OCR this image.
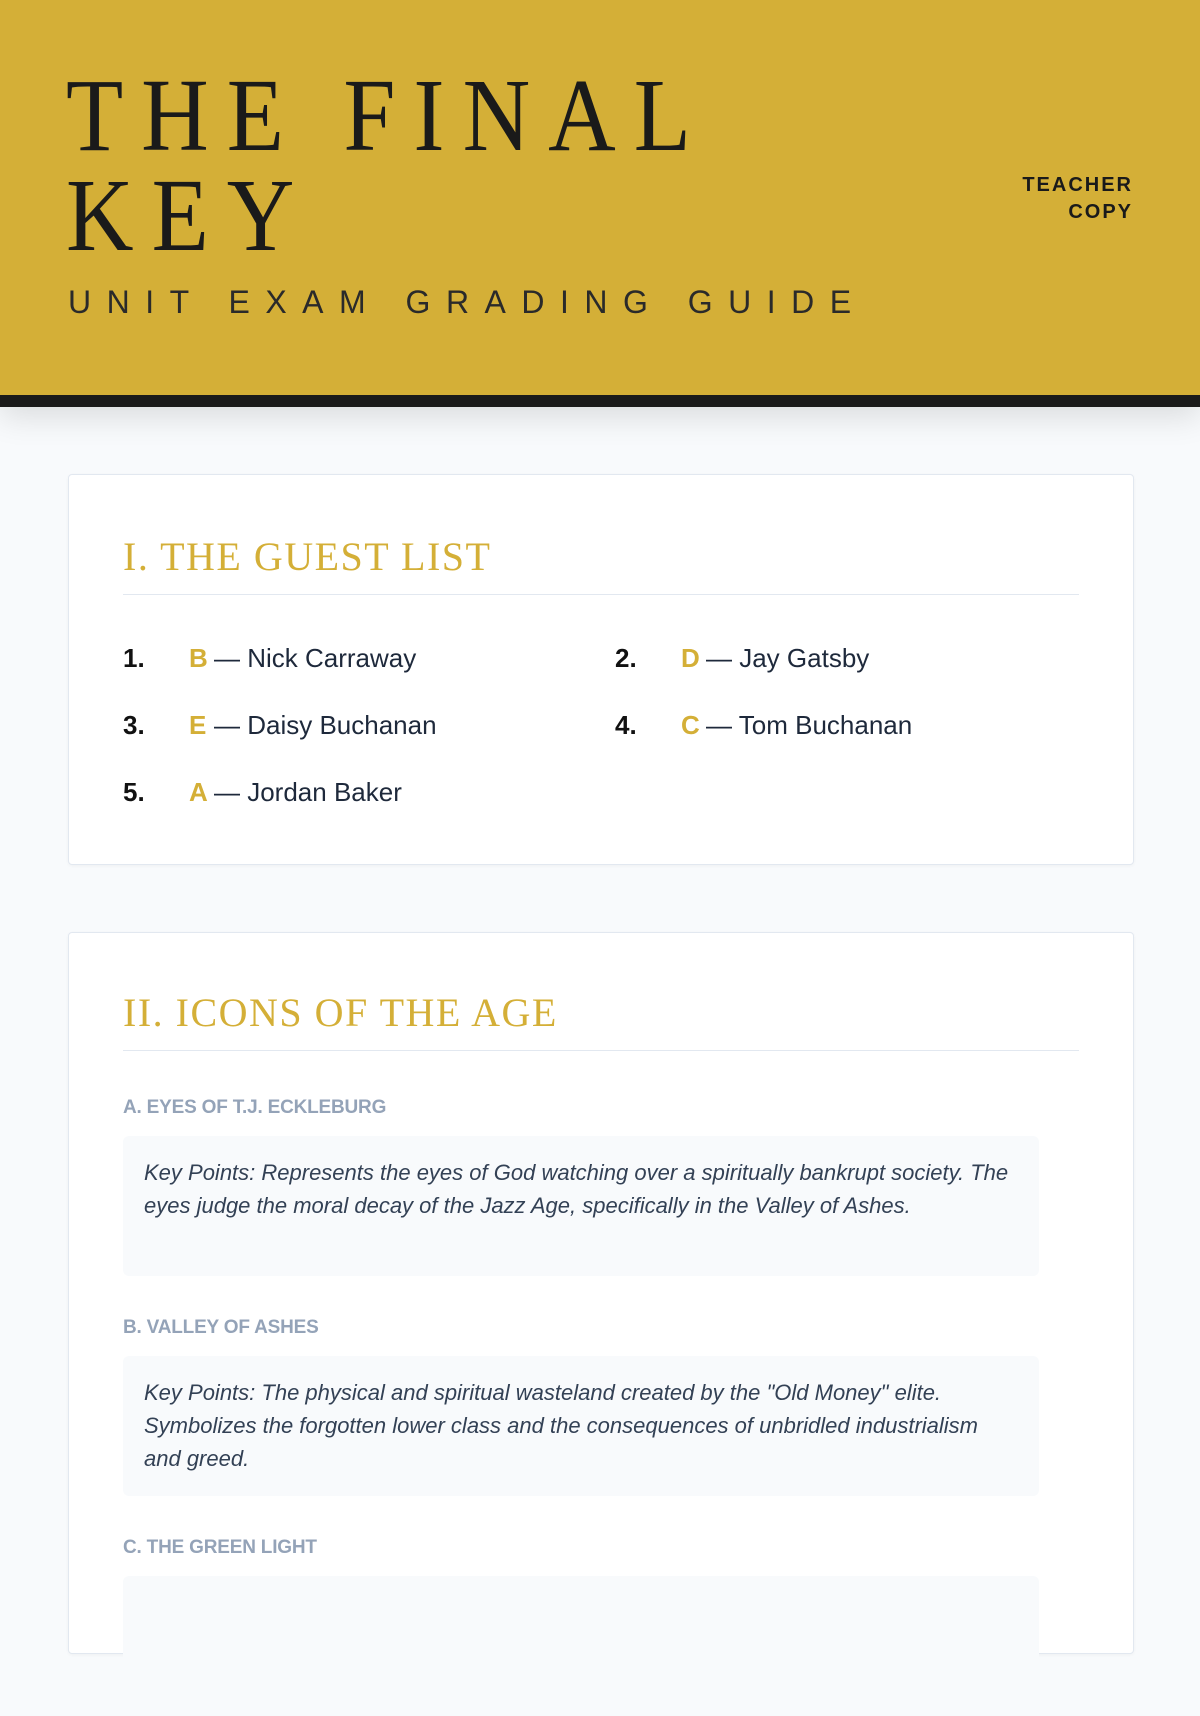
THE FINAL
KEY
UNIT EXAM GRADING GUIDE
TEACHER
COPY
I. THE GUEST LIST
1. B — Nick Carraway	2. D — Jay Gatsby
3. E — Daisy Buchanan	4. C — Tom Buchanan
5. A — Jordan Baker
II. ICONS OF THE AGE
A. EYES OF T.J. ECKLEBURG
Key Points: Represents the eyes of God watching over a spiritually bankrupt society. The eyes judge the moral decay of the Jazz Age, specifically in the Valley of Ashes.
B. VALLEY OF ASHES
Key Points: The physical and spiritual wasteland created by the "Old Money" elite. Symbolizes the forgotten lower class and the consequences of unbridled industrialism and greed.
C. THE GREEN LIGHT
